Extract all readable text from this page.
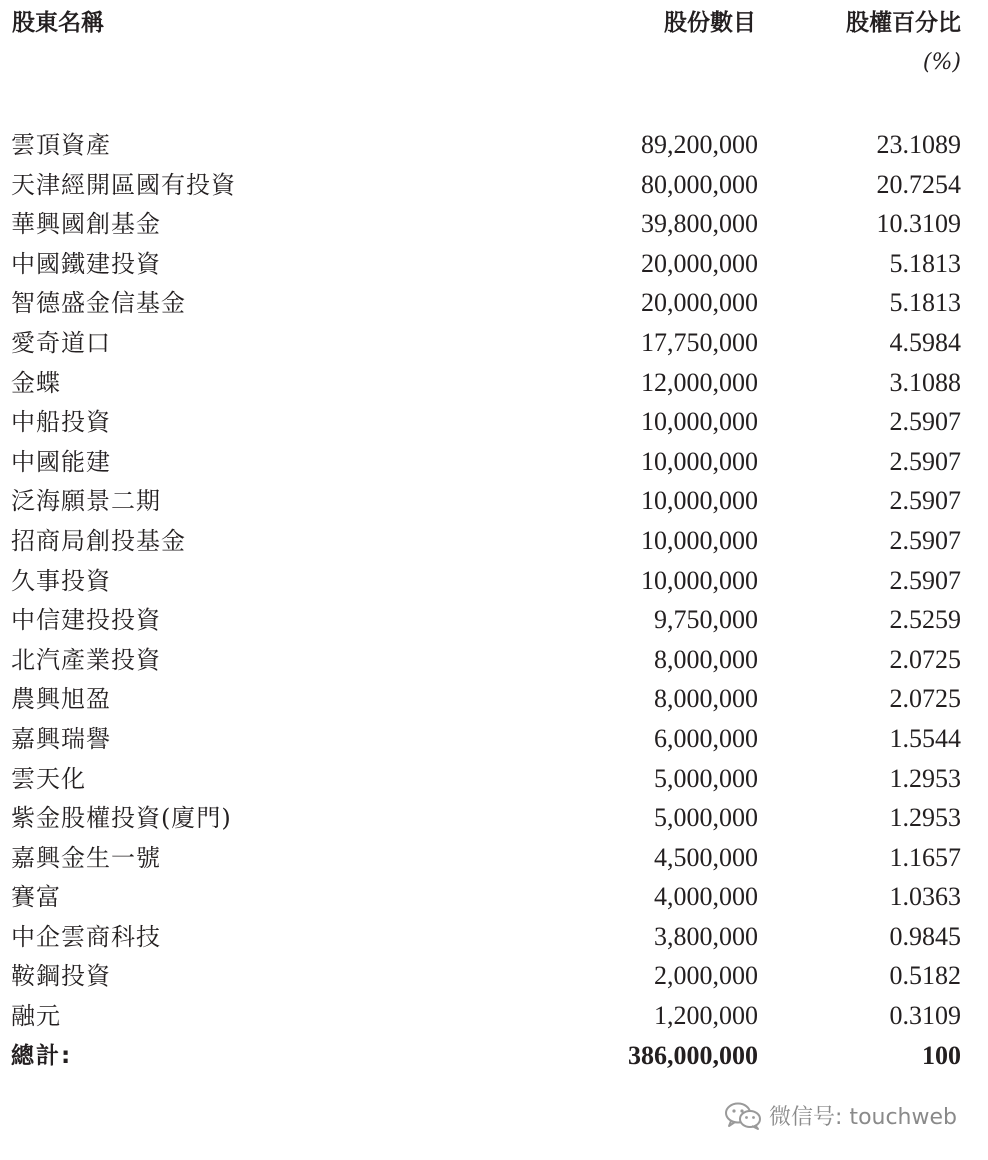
股東名稱	股份數目	股權百分比
(%)
雲頂資產	89,200,000	23.1089
天津經開區國有投資	80,000,000	20.7254
華興國創基金	39,800,000	10.3109
中國鐵建投資	20,000,000	5.1813
智德盛金信基金	20,000,000	5.1813
愛奇道口	17,750,000	4.5984
金蝶	12,000,000	3.1088
中船投資	10,000,000	2.5907
中國能建	10,000,000	2.5907
泛海願景二期	10,000,000	2.5907
招商局創投基金	10,000,000	2.5907
久事投資	10,000,000	2.5907
中信建投投資	9,750,000	2.5259
北汽產業投資	8,000,000	2.0725
農興旭盈	8,000,000	2.0725
嘉興瑞譽	6,000,000	1.5544
雲天化	5,000,000	1.2953
紫金股權投資(廈門)	5,000,000	1.2953
嘉興金生一號	4,500,000	1.1657
賽富	4,000,000	1.0363
中企雲商科技	3,800,000	0.9845
鞍鋼投資	2,000,000	0.5182
融元	1,200,000	0.3109
總計:	386,000,000	100
微信号: touchweb
